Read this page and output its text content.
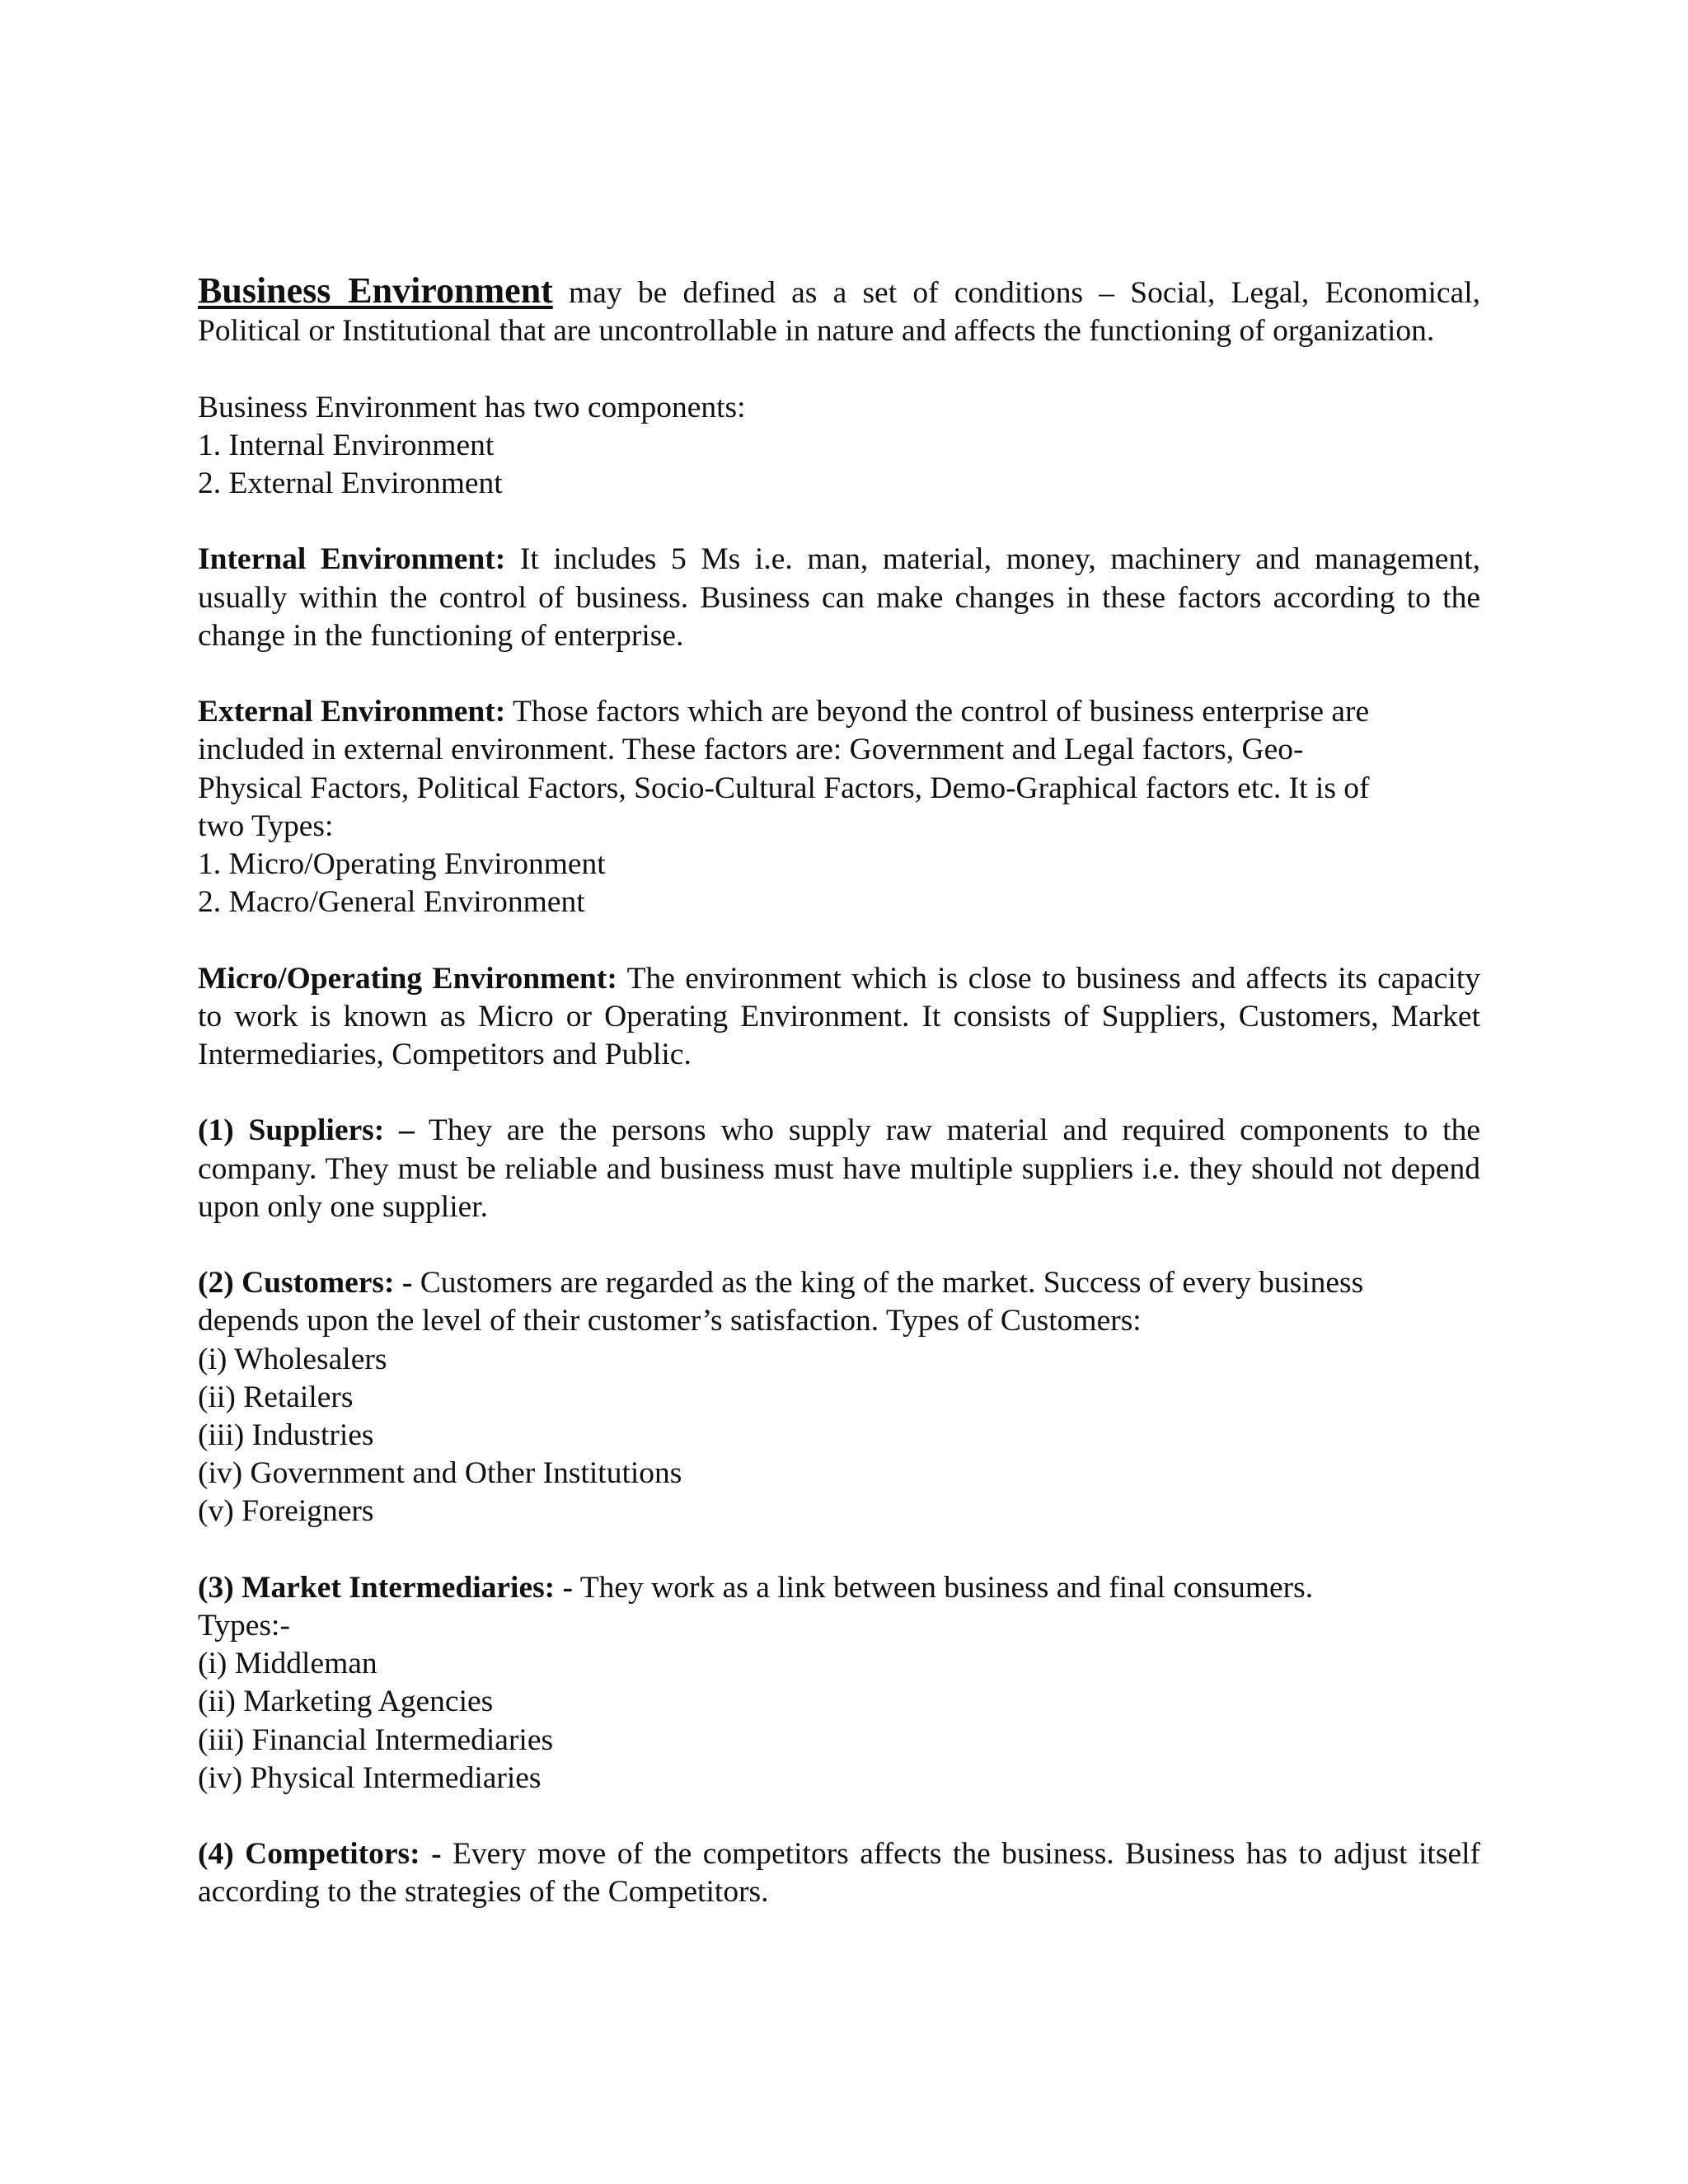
Business Environment may be defined as a set of conditions – Social, Legal, Economical, Political or Institutional that are uncontrollable in nature and affects the functioning of organization.

Business Environment has two components:
1. Internal Environment
2. External Environment

Internal Environment: It includes 5 Ms i.e. man, material, money, machinery and management, usually within the control of business. Business can make changes in these factors according to the change in the functioning of enterprise.

External Environment: Those factors which are beyond the control of business enterprise are
included in external environment. These factors are: Government and Legal factors, Geo-
Physical Factors, Political Factors, Socio-Cultural Factors, Demo-Graphical factors etc. It is of
two Types:
1. Micro/Operating Environment
2. Macro/General Environment

Micro/Operating Environment: The environment which is close to business and affects its capacity to work is known as Micro or Operating Environment. It consists of Suppliers, Customers, Market Intermediaries, Competitors and Public.

(1) Suppliers: – They are the persons who supply raw material and required components to the company. They must be reliable and business must have multiple suppliers i.e. they should not depend upon only one supplier.

(2) Customers: - Customers are regarded as the king of the market. Success of every business
depends upon the level of their customer’s satisfaction. Types of Customers:
(i) Wholesalers
(ii) Retailers
(iii) Industries
(iv) Government and Other Institutions
(v) Foreigners
(3) Market Intermediaries: - They work as a link between business and final consumers.
Types:-
(i) Middleman
(ii) Marketing Agencies
(iii) Financial Intermediaries
(iv) Physical Intermediaries

(4) Competitors: - Every move of the competitors affects the business. Business has to adjust itself according to the strategies of the Competitors.
